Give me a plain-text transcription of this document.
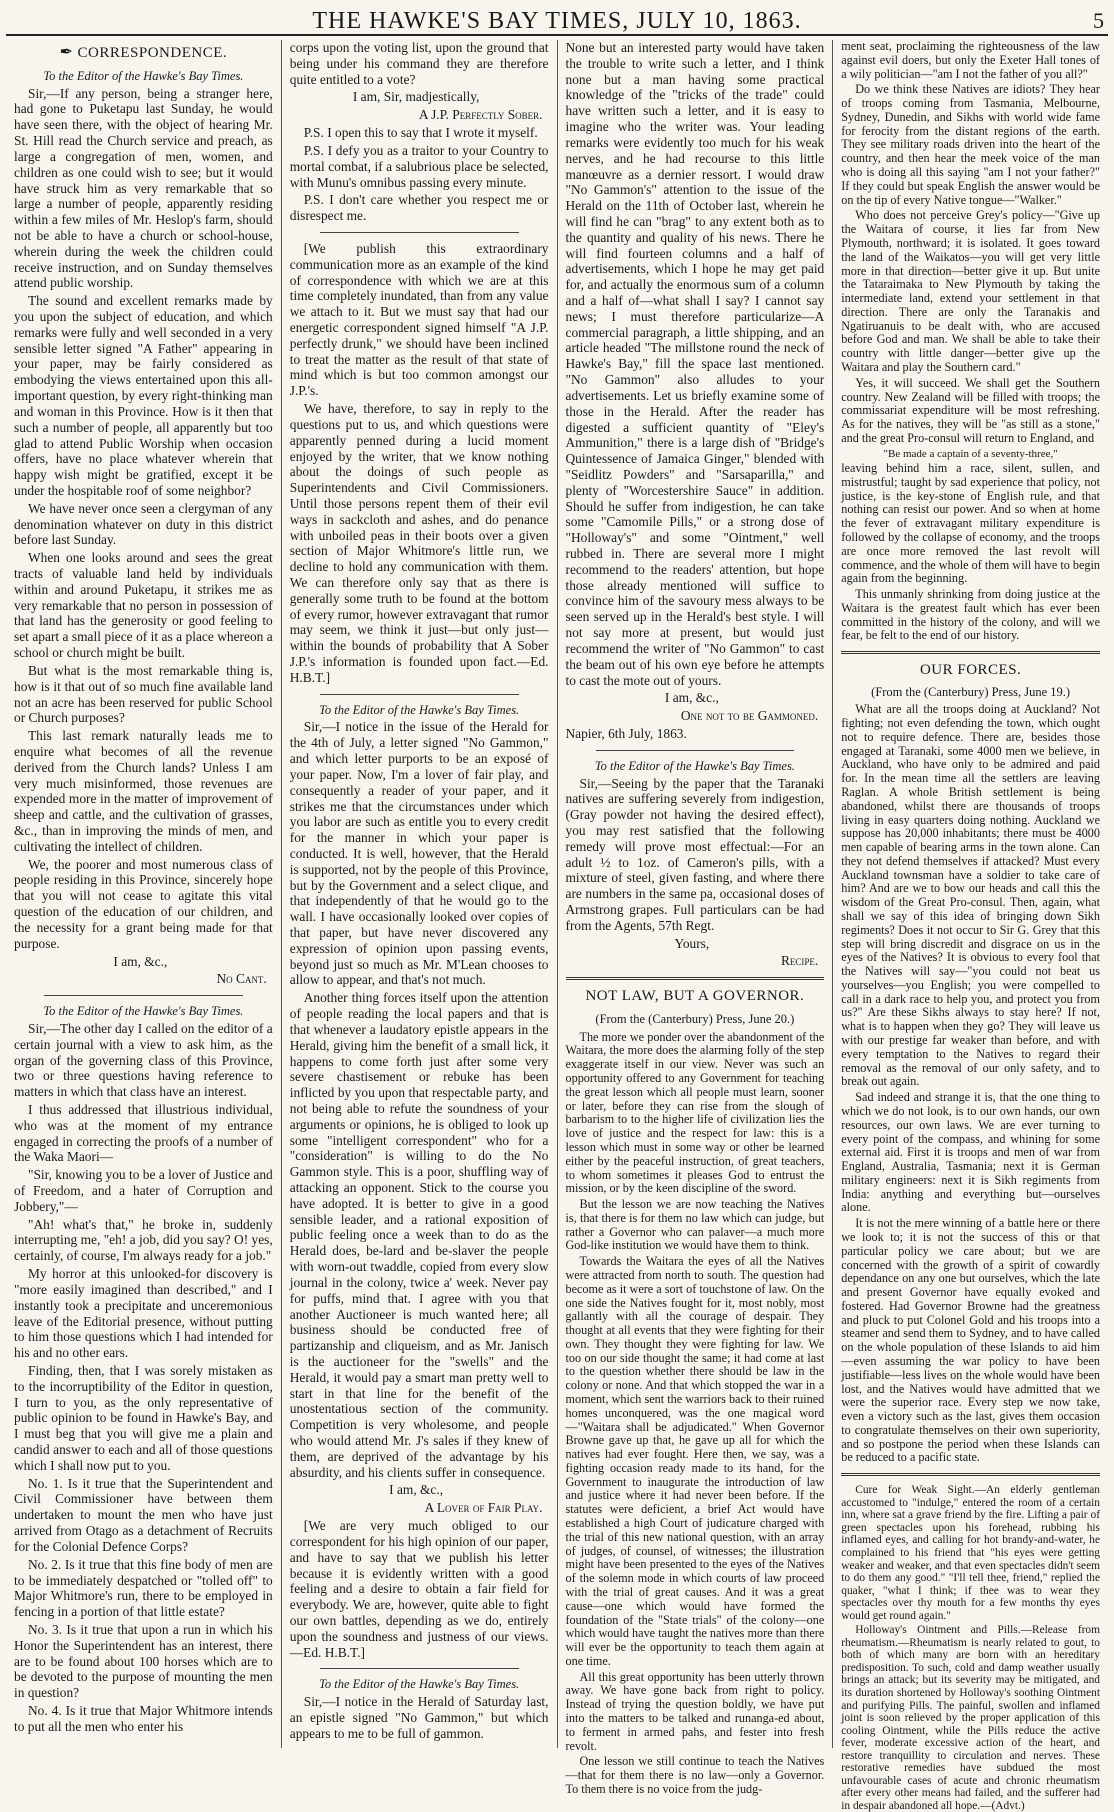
THE HAWKE'S BAY TIMES, JULY 10, 1863.	5
✒ CORRESPONDENCE.
To the Editor of the Hawke's Bay Times.

Sir,—If any person, being a stranger here, had gone to Puketapu last Sunday, he would have seen there, with the object of hearing Mr. St. Hill read the Church service and preach, as large a congregation of men, women, and children as one could wish to see; but it would have struck him as very remarkable that so large a number of people, apparently residing within a few miles of Mr. Heslop's farm, should not be able to have a church or school-house, wherein during the week the children could receive instruction, and on Sunday themselves attend public worship.

The sound and excellent remarks made by you upon the subject of education, and which remarks were fully and well seconded in a very sensible letter signed "A Father" appearing in your paper, may be fairly considered as embodying the views entertained upon this all-important question, by every right-thinking man and woman in this Province. How is it then that such a number of people, all apparently but too glad to attend Public Worship when occasion offers, have no place whatever wherein that happy wish might be gratified, except it be under the hospitable roof of some neighbor?

We have never once seen a clergyman of any denomination whatever on duty in this district before last Sunday.

When one looks around and sees the great tracts of valuable land held by individuals within and around Puketapu, it strikes me as very remarkable that no person in possession of that land has the generosity or good feeling to set apart a small piece of it as a place whereon a school or church might be built.

But what is the most remarkable thing is, how is it that out of so much fine available land not an acre has been reserved for public School or Church purposes?

This last remark naturally leads me to enquire what becomes of all the revenue derived from the Church lands? Unless I am very much misinformed, those revenues are expended more in the matter of improvement of sheep and cattle, and the cultivation of grasses, &c., than in improving the minds of men, and cultivating the intellect of children.

We, the poorer and most numerous class of people residing in this Province, sincerely hope that you will not cease to agitate this vital question of the education of our children, and the necessity for a grant being made for that purpose.

I am, &c.,
No Cant.
To the Editor of the Hawke's Bay Times.

Sir,—The other day I called on the editor of a certain journal with a view to ask him, as the organ of the governing class of this Province, two or three questions having reference to matters in which that class have an interest.

I thus addressed that illustrious individual, who was at the moment of my entrance engaged in correcting the proofs of a number of the Waka Maori—

"Sir, knowing you to be a lover of Justice and of Freedom, and a hater of Corruption and Jobbery,"—

"Ah! what's that," he broke in, suddenly interrupting me, "eh! a job, did you say? O! yes, certainly, of course, I'm always ready for a job."

My horror at this unlooked-for discovery is "more easily imagined than described," and I instantly took a precipitate and unceremonious leave of the Editorial presence, without putting to him those questions which I had intended for his and no other ears.

Finding, then, that I was sorely mistaken as to the incorruptibility of the Editor in question, I turn to you, as the only representative of public opinion to be found in Hawke's Bay, and I must beg that you will give me a plain and candid answer to each and all of those questions which I shall now put to you.

No. 1. Is it true that the Superintendent and Civil Commissioner have between them undertaken to mount the men who have just arrived from Otago as a detachment of Recruits for the Colonial Defence Corps?

No. 2. Is it true that this fine body of men are to be immediately despatched or "tolled off" to Major Whitmore's run, there to be employed in fencing in a portion of that little estate?

No. 3. Is it true that upon a run in which his Honor the Superintendent has an interest, there are to be found about 100 horses which are to be devoted to the purpose of mounting the men in question?

No. 4. Is it true that Major Whitmore intends to put all the men who enter his

corps upon the voting list, upon the ground that being under his command they are therefore quite entitled to a vote?

I am, Sir, madjestically,
A J.P. Perfectly Sober.

P.S. I open this to say that I wrote it myself.

P.S. I defy you as a traitor to your Country to mortal combat, if a salubrious place be selected, with Munu's omnibus passing every minute.

P.S. I don't care whether you respect me or disrespect me.

[We publish this extraordinary communication more as an example of the kind of correspondence with which we are at this time completely inundated, than from any value we attach to it. But we must say that had our energetic correspondent signed himself "A J.P. perfectly drunk," we should have been inclined to treat the matter as the result of that state of mind which is but too common amongst our J.P.'s.

We have, therefore, to say in reply to the questions put to us, and which questions were apparently penned during a lucid moment enjoyed by the writer, that we know nothing about the doings of such people as Superintendents and Civil Commissioners. Until those persons repent them of their evil ways in sackcloth and ashes, and do penance with unboiled peas in their boots over a given section of Major Whitmore's little run, we decline to hold any communication with them. We can therefore only say that as there is generally some truth to be found at the bottom of every rumor, however extravagant that rumor may seem, we think it just—but only just—within the bounds of probability that A Sober J.P.'s information is founded upon fact.—Ed. H.B.T.]

To the Editor of the Hawke's Bay Times.

Sir,—I notice in the issue of the Herald for the 4th of July, a letter signed "No Gammon," and which letter purports to be an exposé of your paper. Now, I'm a lover of fair play, and consequently a reader of your paper, and it strikes me that the circumstances under which you labor are such as entitle you to every credit for the manner in which your paper is conducted. It is well, however, that the Herald is supported, not by the people of this Province, but by the Government and a select clique, and that independently of that he would go to the wall. I have occasionally looked over copies of that paper, but have never discovered any expression of opinion upon passing events, beyond just so much as Mr. M'Lean chooses to allow to appear, and that's not much.

Another thing forces itself upon the attention of people reading the local papers and that is that whenever a laudatory epistle appears in the Herald, giving him the benefit of a small lick, it happens to come forth just after some very severe chastisement or rebuke has been inflicted by you upon that respectable party, and not being able to refute the soundness of your arguments or opinions, he is obliged to look up some "intelligent correspondent" who for a "consideration" is willing to do the No Gammon style. This is a poor, shuffling way of attacking an opponent. Stick to the course you have adopted. It is better to give in a good sensible leader, and a rational exposition of public feeling once a week than to do as the Herald does, be-lard and be-slaver the people with worn-out twaddle, copied from every slow journal in the colony, twice a' week. Never pay for puffs, mind that. I agree with you that another Auctioneer is much wanted here; all business should be conducted free of partizanship and cliqueism, and as Mr. Janisch is the auctioneer for the "swells" and the Herald, it would pay a smart man pretty well to start in that line for the benefit of the unostentatious section of the community. Competition is very wholesome, and people who would attend Mr. J's sales if they knew of them, are deprived of the advantage by his absurdity, and his clients suffer in consequence.

I am, &c.,
A Lover of Fair Play.

[We are very much obliged to our correspondent for his high opinion of our paper, and have to say that we publish his letter because it is evidently written with a good feeling and a desire to obtain a fair field for everybody. We are, however, quite able to fight our own battles, depending as we do, entirely upon the soundness and justness of our views.—Ed. H.B.T.]

To the Editor of the Hawke's Bay Times.

Sir,—I notice in the Herald of Saturday last, an epistle signed "No Gammon," but which appears to me to be full of gammon.

None but an interested party would have taken the trouble to write such a letter, and I think none but a man having some practical knowledge of the "tricks of the trade" could have written such a letter, and it is easy to imagine who the writer was. Your leading remarks were evidently too much for his weak nerves, and he had recourse to this little manœuvre as a dernier ressort. I would draw "No Gammon's" attention to the issue of the Herald on the 11th of October last, wherein he will find he can "brag" to any extent both as to the quantity and quality of his news. There he will find fourteen columns and a half of advertisements, which I hope he may get paid for, and actually the enormous sum of a column and a half of—what shall I say? I cannot say news; I must therefore particularize—A commercial paragraph, a little shipping, and an article headed "The millstone round the neck of Hawke's Bay," fill the space last mentioned. "No Gammon" also alludes to your advertisements. Let us briefly examine some of those in the Herald. After the reader has digested a sufficient quantity of "Eley's Ammunition," there is a large dish of "Bridge's Quintessence of Jamaica Ginger," blended with "Seidlitz Powders" and "Sarsaparilla," and plenty of "Worcestershire Sauce" in addition. Should he suffer from indigestion, he can take some "Camomile Pills," or a strong dose of "Holloway's" and some "Ointment," well rubbed in. There are several more I might recommend to the readers' attention, but hope those already mentioned will suffice to convince him of the savoury mess always to be seen served up in the Herald's best style. I will not say more at present, but would just recommend the writer of "No Gammon" to cast the beam out of his own eye before he attempts to cast the mote out of yours.

I am, &c.,
One not to be Gammoned.
Napier, 6th July, 1863.
To the Editor of the Hawke's Bay Times.

Sir,—Seeing by the paper that the Taranaki natives are suffering severely from indigestion, (Gray powder not having the desired effect), you may rest satisfied that the following remedy will prove most effectual:—For an adult ½ to 1oz. of Cameron's pills, with a mixture of steel, given fasting, and where there are numbers in the same pa, occasional doses of Armstrong grapes. Full particulars can be had from the Agents, 57th Regt.

Yours,
Recipe.
NOT LAW, BUT A GOVERNOR.
(From the (Canterbury) Press, June 20.)

The more we ponder over the abandonment of the Waitara, the more does the alarming folly of the step exaggerate itself in our view. Never was such an opportunity offered to any Government for teaching the great lesson which all people must learn, sooner or later, before they can rise from the slough of barbarism to to the higher life of civilization lies the love of justice and the respect for law: this is a lesson which must in some way or other be learned either by the peaceful instruction, of great teachers, to whom sometimes it pleases God to entrust the mission, or by the keen discipline of the sword.

But the lesson we are now teaching the Natives is, that there is for them no law which can judge, but rather a Governor who can palaver—a much more God-like institution we would have them to think.

Towards the Waitara the eyes of all the Natives were attracted from north to south. The question had become as it were a sort of touchstone of law. On the one side the Natives fought for it, most nobly, most gallantly with all the courage of despair. They thought at all events that they were fighting for their own. They thought they were fighting for law. We too on our side thought the same; it had come at last to the question whether there should be law in the colony or none. And that which stopped the war in a moment, which sent the warriors back to their ruined homes unconquered, was the one magical word—"Waitara shall be adjudicated." When Governor Browne gave up that, he gave up all for which the natives had ever fought. Here then, we say, was a fighting occasion ready made to its hand, for the Government to inaugurate the introduction of law and justice where it had never been before. If the statutes were deficient, a brief Act would have established a high Court of judicature charged with the trial of this new national question, with an array of judges, of counsel, of witnesses; the illustration might have been presented to the eyes of the Natives of the solemn mode in which courts of law proceed with the trial of great causes. And it was a great cause—one which would have formed the foundation of the "State trials" of the colony—one which would have taught the natives more than there will ever be the opportunity to teach them again at one time.

All this great opportunity has been utterly thrown away. We have gone back from right to policy. Instead of trying the question boldly, we have put into the matters to be talked and runanga-ed about, to ferment in armed pahs, and fester into fresh revolt.

One lesson we still continue to teach the Natives—that for them there is no law—only a Governor. To them there is no voice from the judg-

ment seat, proclaiming the righteousness of the law against evil doers, but only the Exeter Hall tones of a wily politician—"am I not the father of you all?"

Do we think these Natives are idiots? They hear of troops coming from Tasmania, Melbourne, Sydney, Dunedin, and Sikhs with world wide fame for ferocity from the distant regions of the earth. They see military roads driven into the heart of the country, and then hear the meek voice of the man who is doing all this saying "am I not your father?" If they could but speak English the answer would be on the tip of every Native tongue—"Walker."

Who does not perceive Grey's policy—"Give up the Waitara of course, it lies far from New Plymouth, northward; it is isolated. It goes toward the land of the Waikatos—you will get very little more in that direction—better give it up. But unite the Tataraimaka to New Plymouth by taking the intermediate land, extend your settlement in that direction. There are only the Taranakis and Ngatiruanuis to be dealt with, who are accused before God and man. We shall be able to take their country with little danger—better give up the Waitara and play the Southern card."

Yes, it will succeed. We shall get the Southern country. New Zealand will be filled with troops; the commissariat expenditure will be most refreshing. As for the natives, they will be "as still as a stone," and the great Pro-consul will return to England, and

"Be made a captain of a seventy-three,"

leaving behind him a race, silent, sullen, and mistrustful; taught by sad experience that policy, not justice, is the key-stone of English rule, and that nothing can resist our power. And so when at home the fever of extravagant military expenditure is followed by the collapse of economy, and the troops are once more removed the last revolt will commence, and the whole of them will have to begin again from the beginning.

This unmanly shrinking from doing justice at the Waitara is the greatest fault which has ever been committed in the history of the colony, and will we fear, be felt to the end of our history.

OUR FORCES.
(From the (Canterbury) Press, June 19.)

What are all the troops doing at Auckland? Not fighting; not even defending the town, which ought not to require defence. There are, besides those engaged at Taranaki, some 4000 men we believe, in Auckland, who have only to be admired and paid for. In the mean time all the settlers are leaving Raglan. A whole British settlement is being abandoned, whilst there are thousands of troops living in easy quarters doing nothing. Auckland we suppose has 20,000 inhabitants; there must be 4000 men capable of bearing arms in the town alone. Can they not defend themselves if attacked? Must every Auckland townsman have a soldier to take care of him? And are we to bow our heads and call this the wisdom of the Great Pro-consul. Then, again, what shall we say of this idea of bringing down Sikh regiments? Does it not occur to Sir G. Grey that this step will bring discredit and disgrace on us in the eyes of the Natives? It is obvious to every fool that the Natives will say—"you could not beat us yourselves—you English; you were compelled to call in a dark race to help you, and protect you from us?" Are these Sikhs always to stay here? If not, what is to happen when they go? They will leave us with our prestige far weaker than before, and with every temptation to the Natives to regard their removal as the removal of our only safety, and to break out again.

Sad indeed and strange it is, that the one thing to which we do not look, is to our own hands, our own resources, our own laws. We are ever turning to every point of the compass, and whining for some external aid. First it is troops and men of war from England, Australia, Tasmania; next it is German military engineers: next it is Sikh regiments from India: anything and everything but—ourselves alone.

It is not the mere winning of a battle here or there we look to; it is not the success of this or that particular policy we care about; but we are concerned with the growth of a spirit of cowardly dependance on any one but ourselves, which the late and present Governor have equally evoked and fostered. Had Governor Browne had the greatness and pluck to put Colonel Gold and his troops into a steamer and send them to Sydney, and to have called on the whole population of these Islands to aid him—even assuming the war policy to have been justifiable—less lives on the whole would have been lost, and the Natives would have admitted that we were the superior race. Every step we now take, even a victory such as the last, gives them occasion to congratulate themselves on their own superiority, and so postpone the period when these Islands can be reduced to a pacific state.

Cure for Weak Sight.—An elderly gentleman accustomed to "indulge," entered the room of a certain inn, where sat a grave friend by the fire. Lifting a pair of green spectacles upon his forehead, rubbing his inflamed eyes, and calling for hot brandy-and-water, he complained to his friend that "his eyes were getting weaker and weaker, and that even spectacles didn't seem to do them any good." "I'll tell thee, friend," replied the quaker, "what I think; if thee was to wear they spectacles over thy mouth for a few months thy eyes would get round again."

Holloway's Ointment and Pills.—Release from rheumatism.—Rheumatism is nearly related to gout, to both of which many are born with an hereditary predisposition. To such, cold and damp weather usually brings an attack; but its severity may be mitigated, and its duration shortened by Holloway's soothing Ointment and purifying Pills. The painful, swollen and inflamed joint is soon relieved by the proper application of this cooling Ointment, while the Pills reduce the active fever, moderate excessive action of the heart, and restore tranquillity to circulation and nerves. These restorative remedies have subdued the most unfavourable cases of acute and chronic rheumatism after every other means had failed, and the sufferer had in despair abandoned all hope.—(Advt.)
